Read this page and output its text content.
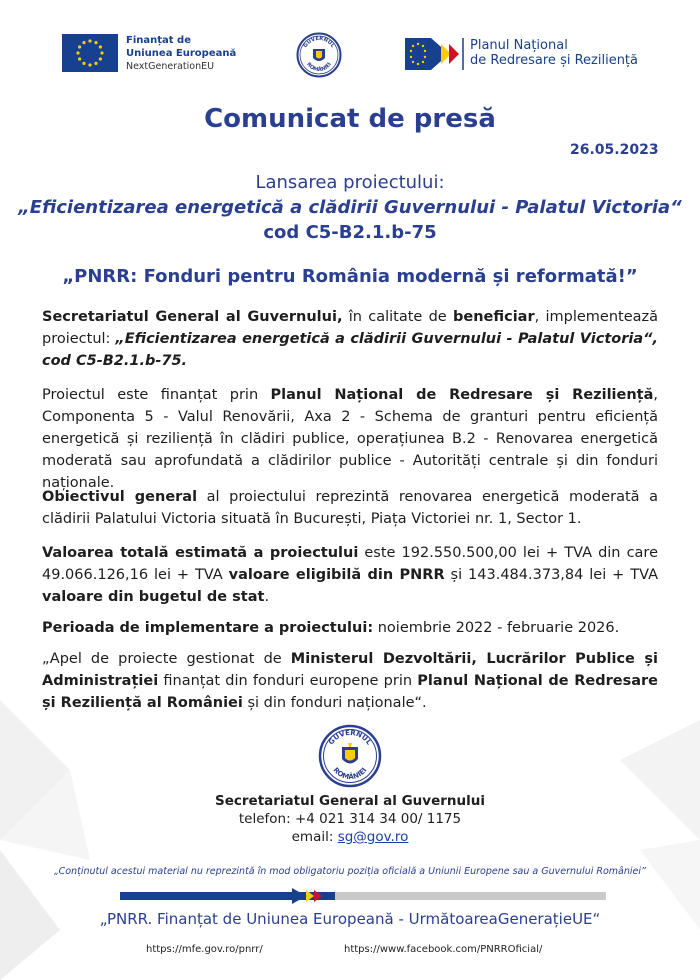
Finanțat de
Uniunea Europeană
NextGenerationEU
GUVERNUL
ROMÂNIEI
Planul Național
de Redresare și Reziliență
Comunicat de presă
26.05.2023
Lansarea proiectului:
„Eficientizarea energetică a clădirii Guvernului - Palatul Victoria“
cod C5-B2.1.b-75
„PNRR: Fonduri pentru România modernă și reformată!”
Secretariatul General al Guvernului, în calitate de beneficiar, implementează proiectul: „Eficientizarea energetică a clădirii Guvernului - Palatul Victoria“, cod C5-B2.1.b-75.
Proiectul este finanțat prin Planul Național de Redresare și Reziliență, Componenta 5 - Valul Renovării, Axa 2 - Schema de granturi pentru eficiență energetică și reziliență în clădiri publice, operațiunea B.2 - Renovarea energetică moderată sau aprofundată a clădirilor publice - Autorități centrale și din fonduri naționale.
Obiectivul general al proiectului reprezintă renovarea energetică moderată a clădirii Palatului Victoria situată în București, Piața Victoriei nr. 1, Sector 1.
Valoarea totală estimată a proiectului este 192.550.500,00 lei + TVA din care 49.066.126,16 lei + TVA valoare eligibilă din PNRR și 143.484.373,84 lei + TVA valoare din bugetul de stat.
Perioada de implementare a proiectului: noiembrie 2022 - februarie 2026.
„Apel de proiecte gestionat de Ministerul Dezvoltării, Lucrărilor Publice și Administrației finanțat din fonduri europene prin Planul Național de Redresare și Reziliență al României și din fonduri naționale“.
GUVERNUL
ROMÂNIEI
Secretariatul General al Guvernului
telefon: +4 021 314 34 00/ 1175
email: sg@gov.ro
„Conținutul acestui material nu reprezintă în mod obligatoriu poziția oficială a Uniunii Europene sau a Guvernului României”
„PNRR. Finanțat de Uniunea Europeană - UrmătoareaGenerațieUE“
https://mfe.gov.ro/pnrr/	https://www.facebook.com/PNRROficial/
